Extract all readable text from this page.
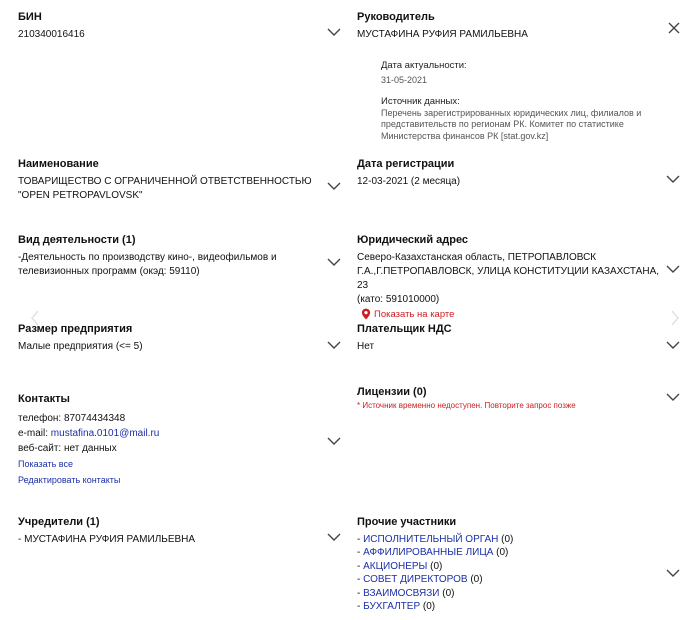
БИН
210340016416
Руководитель
МУСТАФИНА РУФИЯ РАМИЛЬЕВНА
Дата актуальности:
31-05-2021
Источник данных:
Перечень зарегистрированных юридических лиц, филиалов и
представительств по регионам РК. Комитет по статистике
Министерства финансов РК [stat.gov.kz]
Наименование
ТОВАРИЩЕСТВО С ОГРАНИЧЕННОЙ ОТВЕТСТВЕННОСТЬЮ
"OPEN PETROPAVLOVSK"
Дата регистрации
12-03-2021 (2 месяца)
Вид деятельности (1)
-Деятельность по производству кино-, видеофильмов и
телевизионных программ (окэд: 59110)
Юридический адрес
Северо-Казахстанская область, ПЕТРОПАВЛОВСК
Г.А.,Г.ПЕТРОПАВЛОВСК, УЛИЦА КОНСТИТУЦИИ КАЗАХСТАНА, 23
(като: 591010000)
Показать на карте
Размер предприятия
Малые предприятия (<= 5)
Плательщик НДС
Нет
Контакты
телефон: 87074434348
e-mail: mustafina.0101@mail.ru
веб-сайт: нет данных
Показать все
Редактировать контакты
Лицензии (0)
* Источник временно недоступен. Повторите запрос позже
Учредители (1)
- МУСТАФИНА РУФИЯ РАМИЛЬЕВНА
Прочие участники
- ИСПОЛНИТЕЛЬНЫЙ ОРГАН (0)
- АФФИЛИРОВАННЫЕ ЛИЦА (0)
- АКЦИОНЕРЫ (0)
- СОВЕТ ДИРЕКТОРОВ (0)
- ВЗАИМОСВЯЗИ (0)
- БУХГАЛТЕР (0)
